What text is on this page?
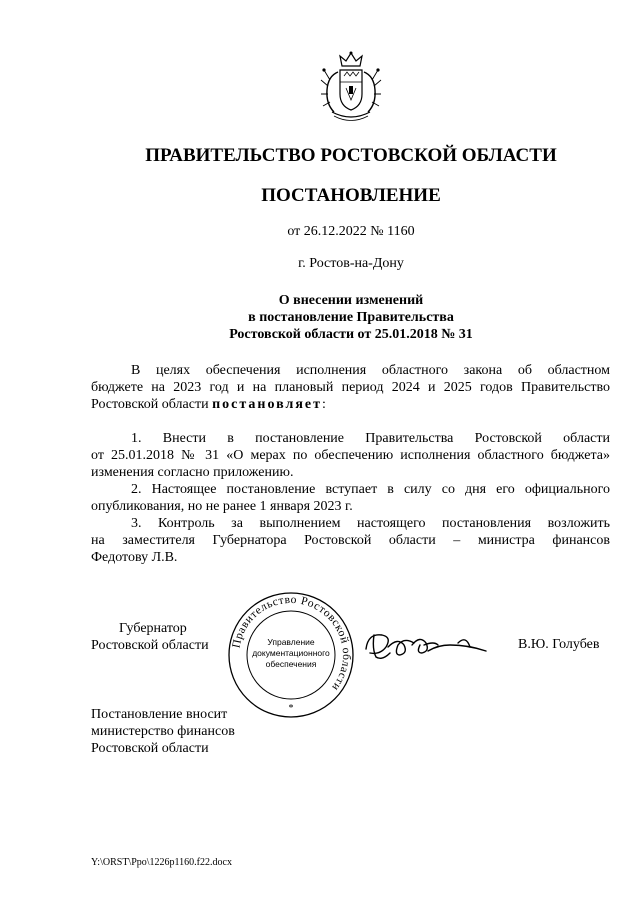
ПРАВИТЕЛЬСТВО РОСТОВСКОЙ ОБЛАСТИ
ПОСТАНОВЛЕНИЕ
от 26.12.2022 № 1160
г. Ростов-на-Дону
О внесении изменений
в постановление Правительства
Ростовской области от 25.01.2018 № 31
В целях обеспечения исполнения областного закона об областном
бюджете на 2023 год и на плановый период 2024 и 2025 годов Правительство
Ростовской области постановляет:
1. Внести в постановление Правительства Ростовской области
от 25.01.2018 № 31 «О мерах по обеспечению исполнения областного бюджета»
изменения согласно приложению.
2. Настоящее постановление вступает в силу со дня его официального
опубликования, но не ранее 1 января 2023 г.
3. Контроль за выполнением настоящего постановления возложить
на заместителя Губернатора Ростовской области – министра финансов
Федотову Л.В.
Губернатор
Ростовской области Правительство Ростовской области
Управление
документационного
обеспечения
*
В.Ю. Голубев
Постановление вносит
министерство финансов
Ростовской области
Y:\ORST\Ppo\1226p1160.f22.docx
